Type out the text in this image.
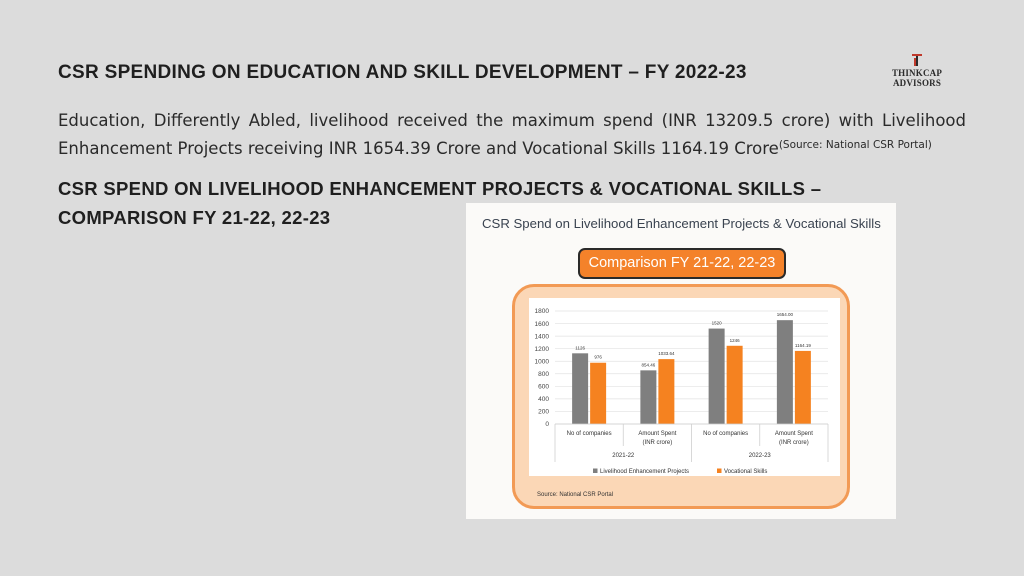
CSR SPENDING ON EDUCATION AND SKILL DEVELOPMENT – FY 2022-23	THINKCAP ADVISORS
Education, Differently Abled, livelihood received the maximum spend (INR 13209.5 crore) with Livelihood Enhancement Projects receiving INR 1654.39 Crore and Vocational Skills 1164.19 Crore$^{(Source: National CSR Portal)}$
CSR SPEND ON LIVELIHOOD ENHANCEMENT PROJECTS & VOCATIONAL SKILLS –
COMPARISON FY 21-22, 22-23	CSR Spend on Livelihood Enhancement Projects & Vocational Skills
Comparison FY 21-22, 22-23
0
200
400
600
800
1000
1200
1400
1600
1800
1126
976
No of companies
854.46
1033.64
Amount Spent (INR crore)
1520
1246
No of companies
1654.00
1164.19
Amount Spent (INR crore)
2021-22	2022-23
Livelihood Enhancement Projects	Vocational Skills
Source: National CSR Portal
